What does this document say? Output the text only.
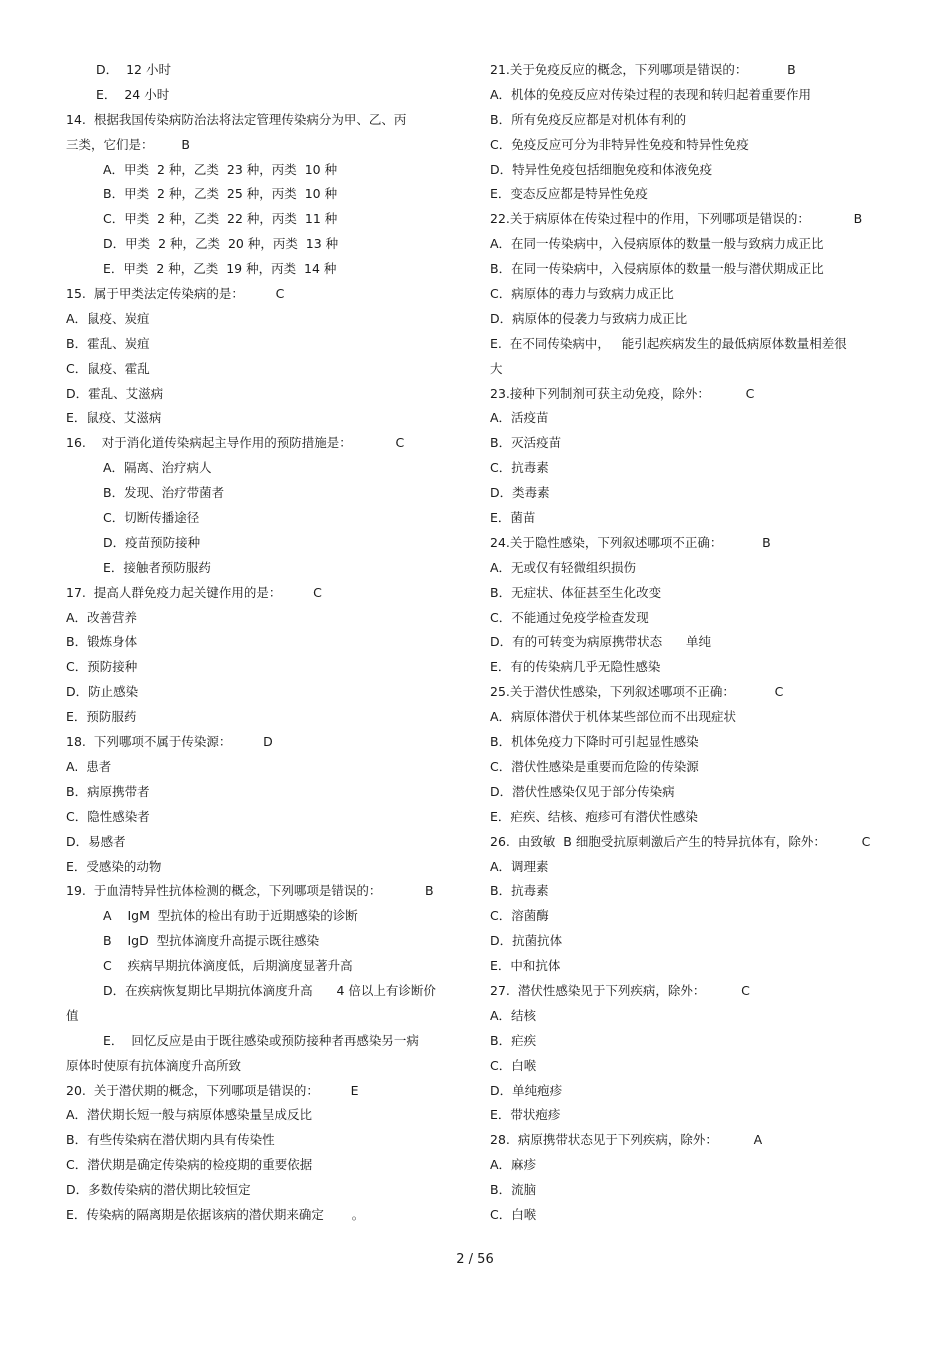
D．  12 小时
E．  24 小时
14.  根据我国传染病防治法将法定管理传染病分为甲、乙、丙
三类，它们是：       B
A．甲类  2 种，乙类  23 种，丙类  10 种
B．甲类  2 种，乙类  25 种，丙类  10 种
C．甲类  2 种，乙类  22 种，丙类  11 种
D．甲类  2 种，乙类  20 种，丙类  13 种
E．甲类  2 种，乙类  19 种，丙类  14 种
15.  属于甲类法定传染病的是：        C
A．鼠疫、炭疽
B．霍乱、炭疽
C．鼠疫、霍乱
D．霍乱、艾滋病
E．鼠疫、艾滋病
16.    对于消化道传染病起主导作用的预防措施是：           C
A．隔离、治疗病人
B．发现、治疗带菌者
C．切断传播途径
D．疫苗预防接种
E．接触者预防服药
17.  提高人群免疫力起关键作用的是：        C
A．改善营养
B．锻炼身体
C．预防接种
D．防止感染
E．预防服药
18.  下列哪项不属于传染源：        D
A.  患者
B．病原携带者
C．隐性感染者
D．易感者
E．受感染的动物
19.  于血清特异性抗体检测的概念，下列哪项是错误的：           B
A    IgM  型抗体的检出有助于近期感染的诊断
B    IgD  型抗体滴度升高提示既往感染
C    疾病早期抗体滴度低，后期滴度显著升高
D．在疾病恢复期比早期抗体滴度升高      4 倍以上有诊断价
值
E．  回忆反应是由于既往感染或预防接种者再感染另一病
原体时使原有抗体滴度升高所致
20.  关于潜伏期的概念，下列哪项是错误的：        E
A．潜伏期长短一般与病原体感染量呈成反比
B．有些传染病在潜伏期内具有传染性
C．潜伏期是确定传染病的检疫期的重要依据
D．多数传染病的潜伏期比较恒定
E．传染病的隔离期是依据该病的潜伏期来确定       。
21.关于免疫反应的概念，下列哪项是错误的：          B
A．机体的免疫反应对传染过程的表现和转归起着重要作用
B．所有免疫反应都是对机体有利的
C．免疫反应可分为非特异性免疫和特异性免疫
D．特异性免疫包括细胞免疫和体液免疫
E．变态反应都是特异性免疫
22.关于病原体在传染过程中的作用，下列哪项是错误的：           B
A．在同一传染病中，入侵病原体的数量一般与致病力成正比
B．在同一传染病中，入侵病原体的数量一般与潜伏期成正比
C．病原体的毒力与致病力成正比
D．病原体的侵袭力与致病力成正比
E.  在不同传染病中，   能引起疾病发生的最低病原体数量相差很
大
23.接种下列制剂可获主动免疫，除外：         C
A．活疫苗
B．灭活疫苗
C．抗毒素
D．类毒素
E．菌苗
24.关于隐性感染，下列叙述哪项不正确：          B
A．无或仅有轻微组织损伤
B．无症状、体征甚至生化改变
C．不能通过免疫学检查发现
D．有的可转变为病原携带状态      单纯
E．有的传染病几乎无隐性感染
25.关于潜伏性感染，下列叙述哪项不正确：          C
A．病原体潜伏于机体某些部位而不出现症状
B．机体免疫力下降时可引起显性感染
C．潜伏性感染是重要而危险的传染源
D．潜伏性感染仅见于部分传染病
E．疟疾、结核、疱疹可有潜伏性感染
26.  由致敏  B 细胞受抗原刺激后产生的特异抗体有，除外：         C
A．调理素
B．抗毒素
C．溶菌酶
D．抗菌抗体
E．中和抗体
27.  潜伏性感染见于下列疾病，除外：         C
A．结核
B．疟疾
C．白喉
D．单纯疱疹
E．带状疱疹
28.  病原携带状态见于下列疾病，除外：         A
A．麻疹
B．流脑
C．白喉
2 / 56
